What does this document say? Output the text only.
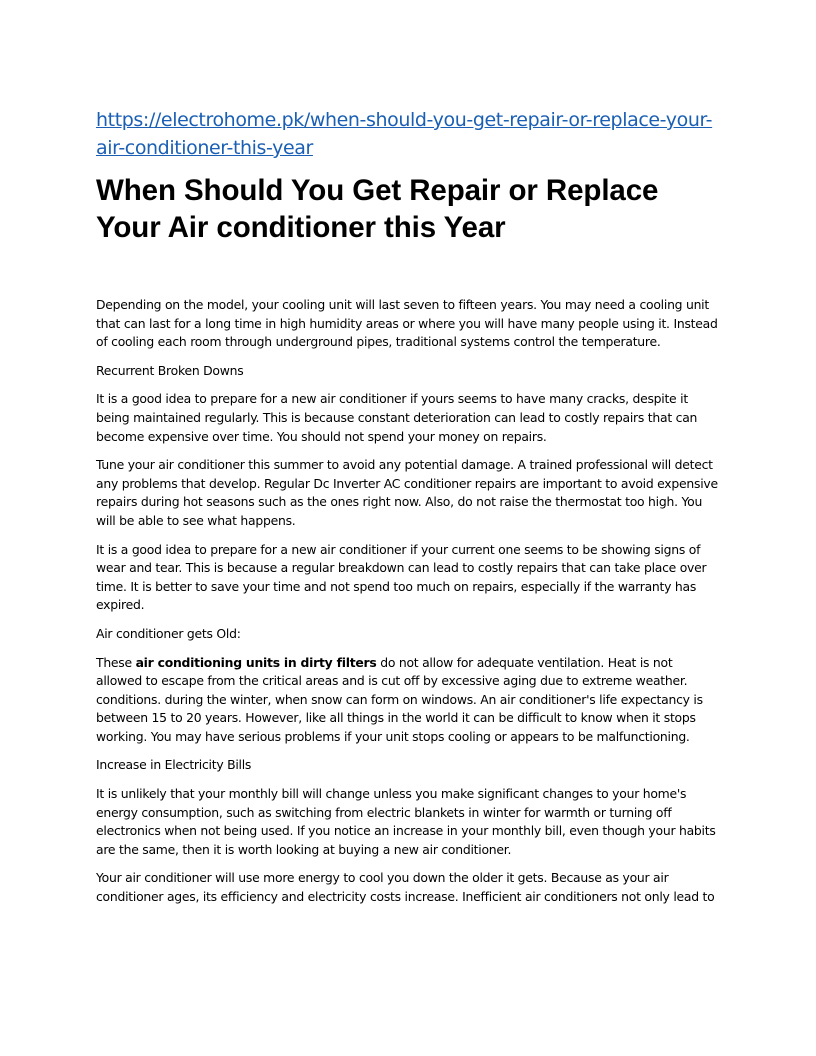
https://electrohome.pk/when-should-you-get-repair-or-replace-your-air-conditioner-this-year
When Should You Get Repair or Replace Your Air conditioner this Year

Depending on the model, your cooling unit will last seven to fifteen years. You may need a cooling unit that can last for a long time in high humidity areas or where you will have many people using it. Instead of cooling each room through underground pipes, traditional systems control the temperature.

Recurrent Broken Downs

It is a good idea to prepare for a new air conditioner if yours seems to have many cracks, despite it being maintained regularly. This is because constant deterioration can lead to costly repairs that can become expensive over time. You should not spend your money on repairs.

Tune your air conditioner this summer to avoid any potential damage. A trained professional will detect any problems that develop. Regular Dc Inverter AC conditioner repairs are important to avoid expensive repairs during hot seasons such as the ones right now. Also, do not raise the thermostat too high. You will be able to see what happens.

It is a good idea to prepare for a new air conditioner if your current one seems to be showing signs of wear and tear. This is because a regular breakdown can lead to costly repairs that can take place over time. It is better to save your time and not spend too much on repairs, especially if the warranty has expired.

Air conditioner gets Old:

These air conditioning units in dirty filters do not allow for adequate ventilation. Heat is not allowed to escape from the critical areas and is cut off by excessive aging due to extreme weather. conditions. during the winter, when snow can form on windows. An air conditioner's life expectancy is between 15 to 20 years. However, like all things in the world it can be difficult to know when it stops working. You may have serious problems if your unit stops cooling or appears to be malfunctioning.

Increase in Electricity Bills

It is unlikely that your monthly bill will change unless you make significant changes to your home's energy consumption, such as switching from electric blankets in winter for warmth or turning off electronics when not being used. If you notice an increase in your monthly bill, even though your habits are the same, then it is worth looking at buying a new air conditioner.

Your air conditioner will use more energy to cool you down the older it gets. Because as your air conditioner ages, its efficiency and electricity costs increase. Inefficient air conditioners not only lead to
